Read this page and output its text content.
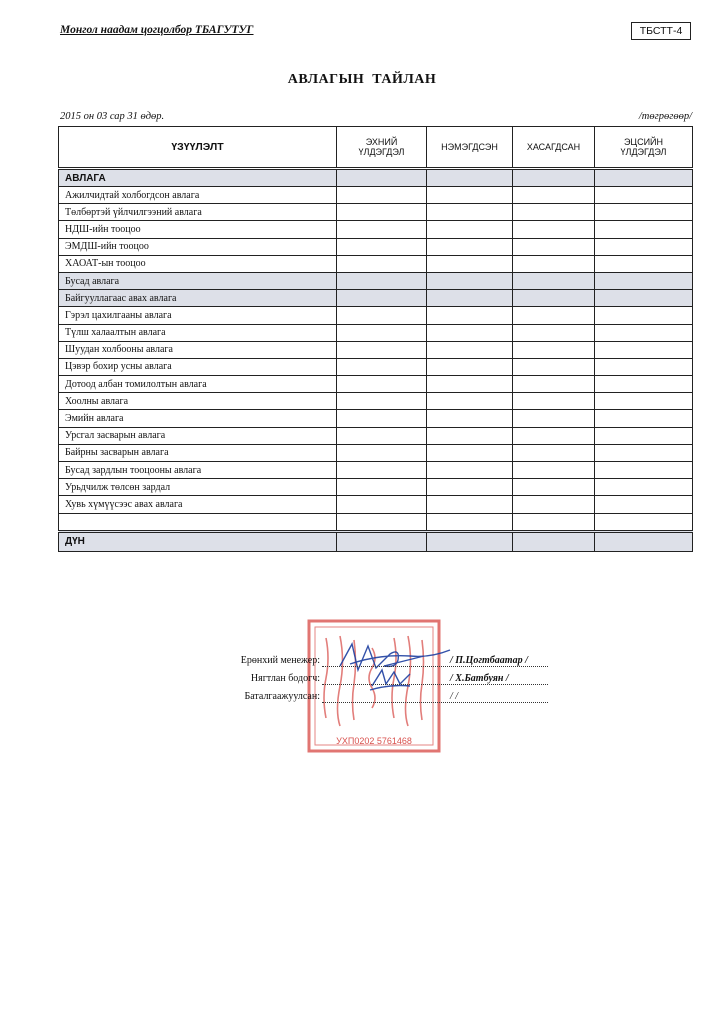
Монгол наадам цогцолбор ТБАГУТУГ	ТБСТТ-4
АВЛАГЫН ТАЙЛАН
2015 он 03 сар 31 өдөр.	/төгрөгөөр/
ҮЗҮҮЛЭЛТ	ЭХНИЙ ҮЛДЭГДЭЛ	НЭМЭГДСЭН	ХАСАГДСАН	ЭЦСИЙН ҮЛДЭГДЭЛ
АВЛАГА				
Ажилчидтай холбогдсон авлага				
Төлбөртэй үйлчилгээний авлага				
НДШ-ийн тооцоо				
ЭМДШ-ийн тооцоо				
ХАОАТ-ын тооцоо				
Бусад авлага				
Байгууллагаас авах авлага				
Гэрэл цахилгааны авлага				
Түлш халаалтын авлага				
Шуудан холбооны авлага				
Цэвэр бохир усны авлага				
Дотоод албан томилолтын авлага				
Хоолны авлага				
Эмийн авлага				
Урсгал засварын авлага				
Байрны засварын авлага				
Бусад зардлын тооцооны авлага				
Урьдчилж төлсөн зардал				
Хувь хүмүүсээс авах авлага				

ДҮН				
УХП0202 5761468
Ерөнхий менежер:	/ П.Цогтбаатар /
Нягтлан бодогч:	/ Х.Батбуян /
Баталгаажуулсан:	/ /
